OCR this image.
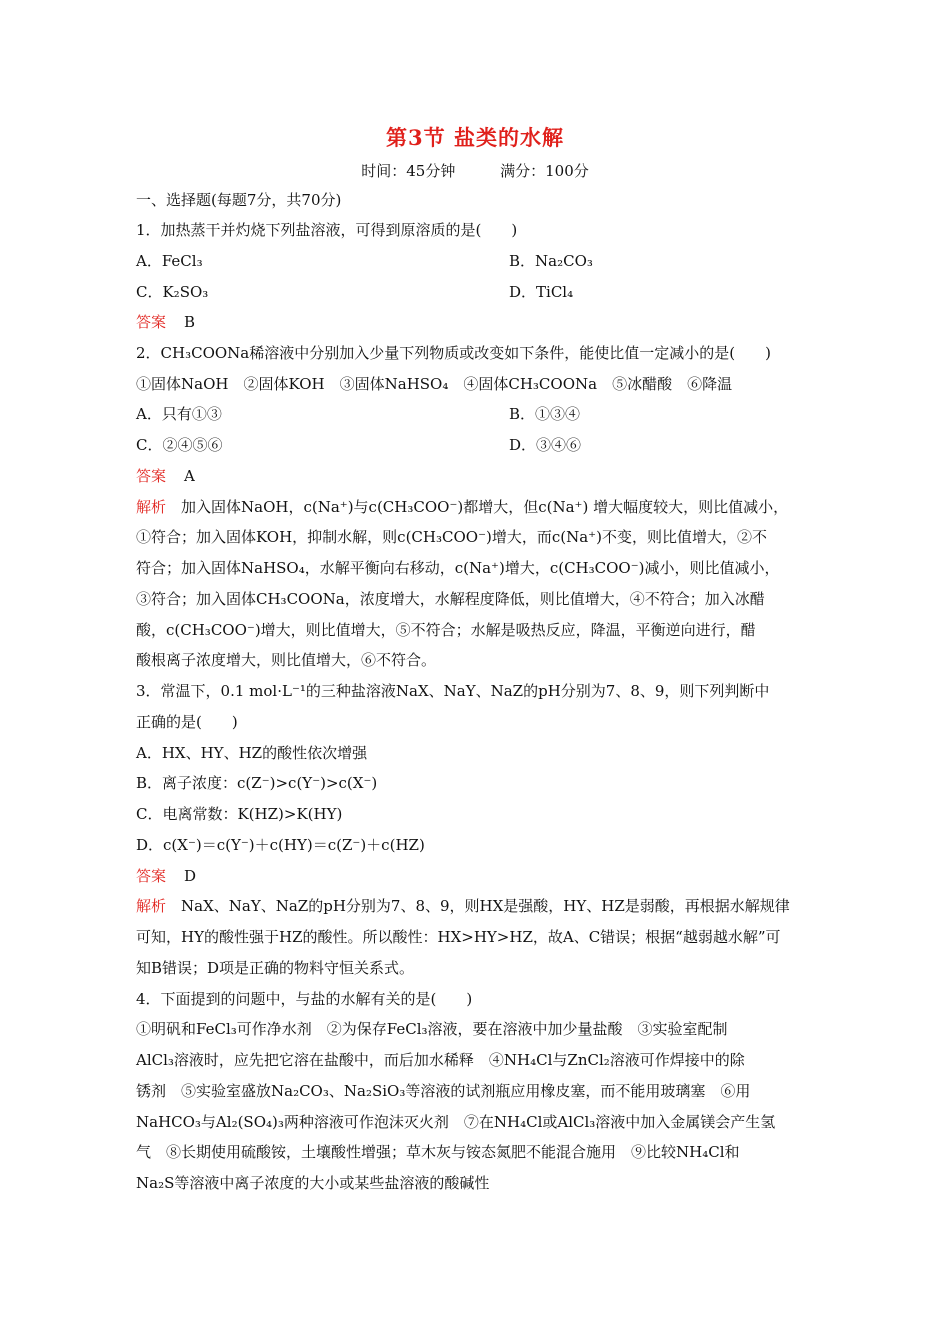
第3节 盐类的水解
时间：45分钟	满分：100分
一、选择题(每题7分，共70分)
1．加热蒸干并灼烧下列盐溶液，可得到原溶质的是(　　)
A．FeCl₃	B．Na₂CO₃
C．K₂SO₃	D．TiCl₄
答案 B
2．CH₃COONa稀溶液中分别加入少量下列物质或改变如下条件，能使比值一定减小的是(　　)
①固体NaOH　②固体KOH　③固体NaHSO₄　④固体CH₃COONa　⑤冰醋酸　⑥降温
A．只有①③	B．①③④
C．②④⑤⑥	D．③④⑥
答案 A
解析　加入固体NaOH，c(Na⁺)与c(CH₃COO⁻)都增大，但c(Na⁺) 增大幅度较大，则比值减小，
①符合；加入固体KOH，抑制水解，则c(CH₃COO⁻)增大，而c(Na⁺)不变，则比值增大，②不
符合；加入固体NaHSO₄，水解平衡向右移动，c(Na⁺)增大，c(CH₃COO⁻)减小，则比值减小，
③符合；加入固体CH₃COONa，浓度增大，水解程度降低，则比值增大，④不符合；加入冰醋
酸，c(CH₃COO⁻)增大，则比值增大，⑤不符合；水解是吸热反应，降温，平衡逆向进行，醋
酸根离子浓度增大，则比值增大，⑥不符合。
3．常温下，0.1 mol·L⁻¹的三种盐溶液NaX、NaY、NaZ的pH分别为7、8、9，则下列判断中
正确的是(　　)
A．HX、HY、HZ的酸性依次增强
B．离子浓度：c(Z⁻)>c(Y⁻)>c(X⁻)
C．电离常数：K(HZ)>K(HY)
D．c(X⁻)＝c(Y⁻)＋c(HY)＝c(Z⁻)＋c(HZ)
答案 D
解析　NaX、NaY、NaZ的pH分别为7、8、9，则HX是强酸，HY、HZ是弱酸，再根据水解规律
可知，HY的酸性强于HZ的酸性。所以酸性：HX>HY>HZ，故A、C错误；根据“越弱越水解”可
知B错误；D项是正确的物料守恒关系式。
4．下面提到的问题中，与盐的水解有关的是(　　)
①明矾和FeCl₃可作净水剂　②为保存FeCl₃溶液，要在溶液中加少量盐酸　③实验室配制
AlCl₃溶液时，应先把它溶在盐酸中，而后加水稀释　④NH₄Cl与ZnCl₂溶液可作焊接中的除
锈剂　⑤实验室盛放Na₂CO₃、Na₂SiO₃等溶液的试剂瓶应用橡皮塞，而不能用玻璃塞　⑥用
NaHCO₃与Al₂(SO₄)₃两种溶液可作泡沫灭火剂　⑦在NH₄Cl或AlCl₃溶液中加入金属镁会产生氢
气　⑧长期使用硫酸铵，土壤酸性增强；草木灰与铵态氮肥不能混合施用　⑨比较NH₄Cl和
Na₂S等溶液中离子浓度的大小或某些盐溶液的酸碱性
